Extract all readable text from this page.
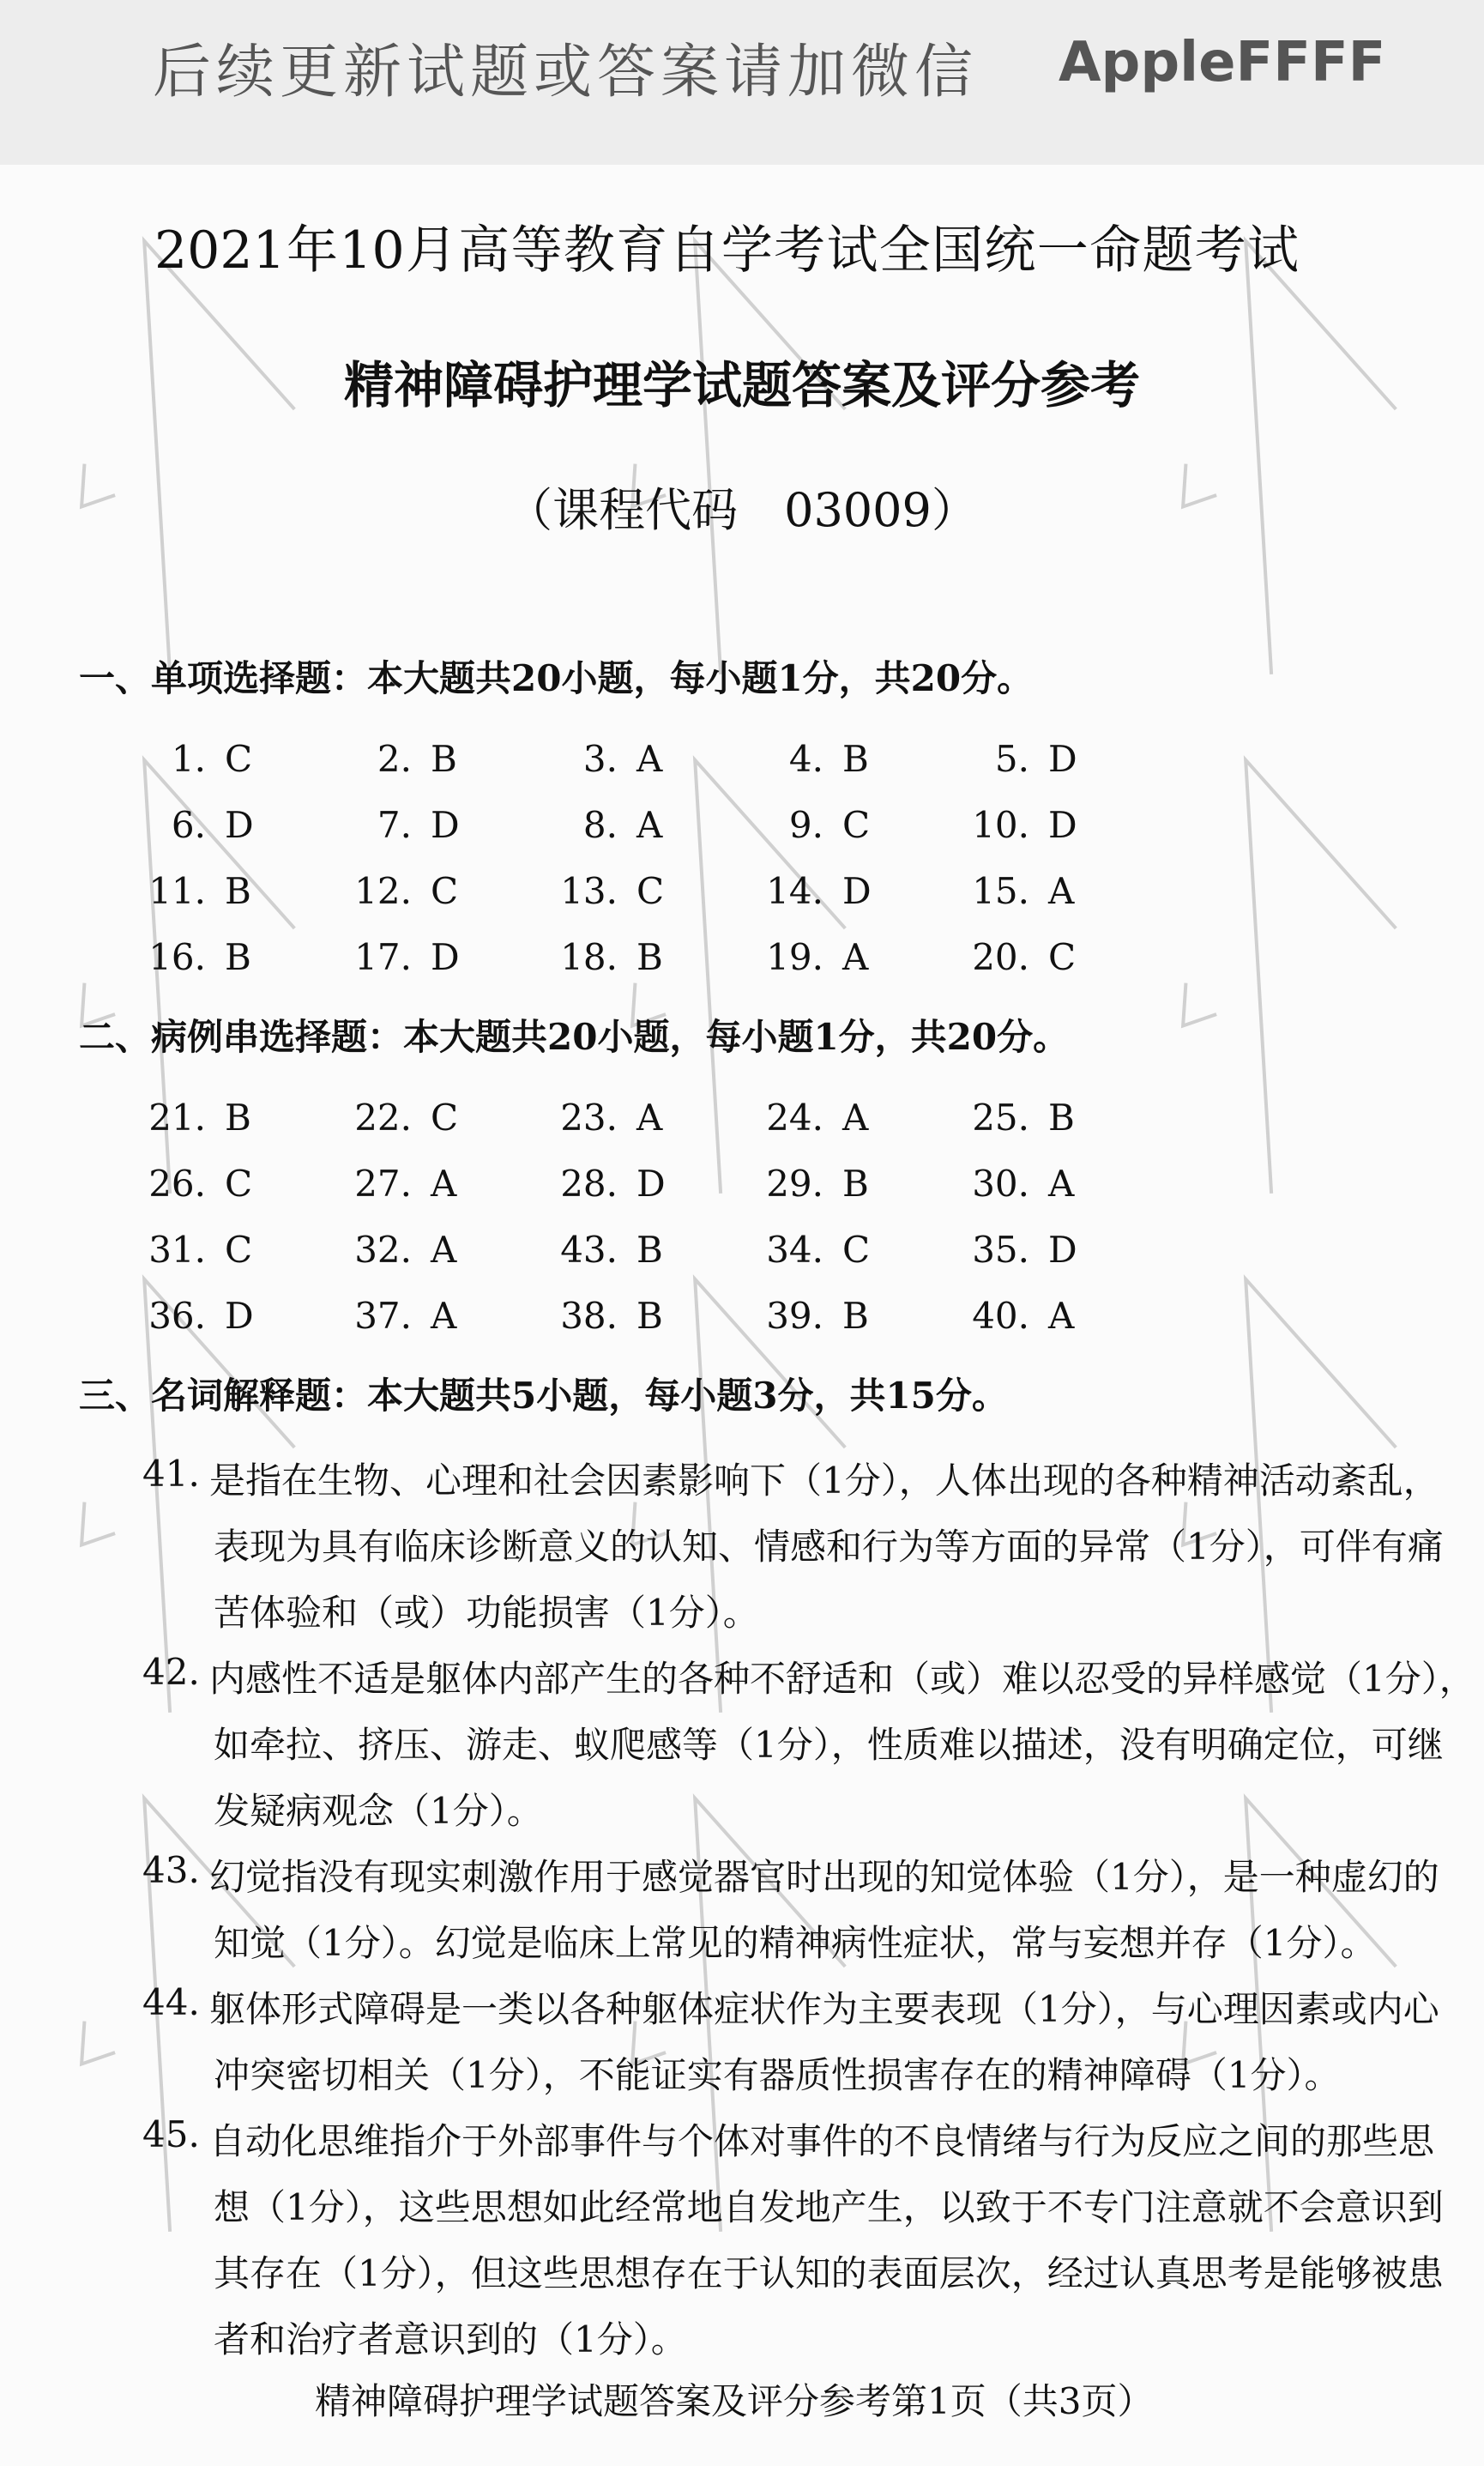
后续更新试题或答案请加微信 AppleFFFF
2021年10月高等教育自学考试全国统一命题考试
精神障碍护理学试题答案及评分参考
（课程代码　03009）
一、单项选择题：本大题共20小题，每小题1分，共20分。
1. C	2. B	3. A	4. B	5. D
6. D	7. D	8. A	9. C	10. D
11. B	12. C	13. C	14. D	15. A
16. B	17. D	18. B	19. A	20. C
二、病例串选择题：本大题共20小题，每小题1分，共20分。
21. B	22. C	23. A	24. A	25. B
26. C	27. A	28. D	29. B	30. A
31. C	32. A	43. B	34. C	35. D
36. D	37. A	38. B	39. B	40. A
三、名词解释题：本大题共5小题，每小题3分，共15分。
41. 是指在生物、心理和社会因素影响下（1分），人体出现的各种精神活动紊乱，
表现为具有临床诊断意义的认知、情感和行为等方面的异常（1分），可伴有痛
苦体验和（或）功能损害（1分）。
42. 内感性不适是躯体内部产生的各种不舒适和（或）难以忍受的异样感觉（1分），
如牵拉、挤压、游走、蚁爬感等（1分），性质难以描述，没有明确定位，可继
发疑病观念（1分）。
43. 幻觉指没有现实刺激作用于感觉器官时出现的知觉体验（1分），是一种虚幻的
知觉（1分）。幻觉是临床上常见的精神病性症状，常与妄想并存（1分）。
44. 躯体形式障碍是一类以各种躯体症状作为主要表现（1分），与心理因素或内心
冲突密切相关（1分），不能证实有器质性损害存在的精神障碍（1分）。
45. 自动化思维指介于外部事件与个体对事件的不良情绪与行为反应之间的那些思
想（1分），这些思想如此经常地自发地产生，以致于不专门注意就不会意识到
其存在（1分），但这些思想存在于认知的表面层次，经过认真思考是能够被患
者和治疗者意识到的（1分）。
精神障碍护理学试题答案及评分参考第1页（共3页）
